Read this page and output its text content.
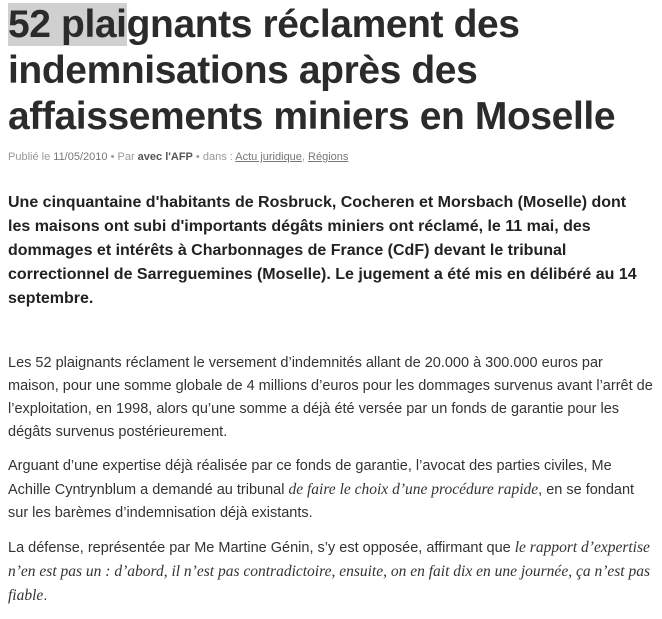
52 plaignants réclament des indemnisations après des affaissements miniers en Moselle
Publié le 11/05/2010 • Par avec l'AFP • dans : Actu juridique, Régions

Une cinquantaine d'habitants de Rosbruck, Cocheren et Morsbach (Moselle) dont les maisons ont subi d'importants dégâts miniers ont réclamé, le 11 mai, des dommages et intérêts à Charbonnages de France (CdF) devant le tribunal correctionnel de Sarreguemines (Moselle). Le jugement a été mis en délibéré au 14 septembre.

Les 52 plaignants réclament le versement d’indemnités allant de 20.000 à 300.000 euros par maison, pour une somme globale de 4 millions d’euros pour les dommages survenus avant l’arrêt de l’exploitation, en 1998, alors qu’une somme a déjà été versée par un fonds de garantie pour les dégâts survenus postérieurement.

Arguant d’une expertise déjà réalisée par ce fonds de garantie, l’avocat des parties civiles, Me Achille Cyntrynblum a demandé au tribunal de faire le choix d’une procédure rapide, en se fondant sur les barèmes d’indemnisation déjà existants.

La défense, représentée par Me Martine Génin, s’y est opposée, affirmant que le rapport d’expertise n’en est pas un : d’abord, il n’est pas contradictoire, ensuite, on en fait dix en une journée, ça n’est pas fiable.
